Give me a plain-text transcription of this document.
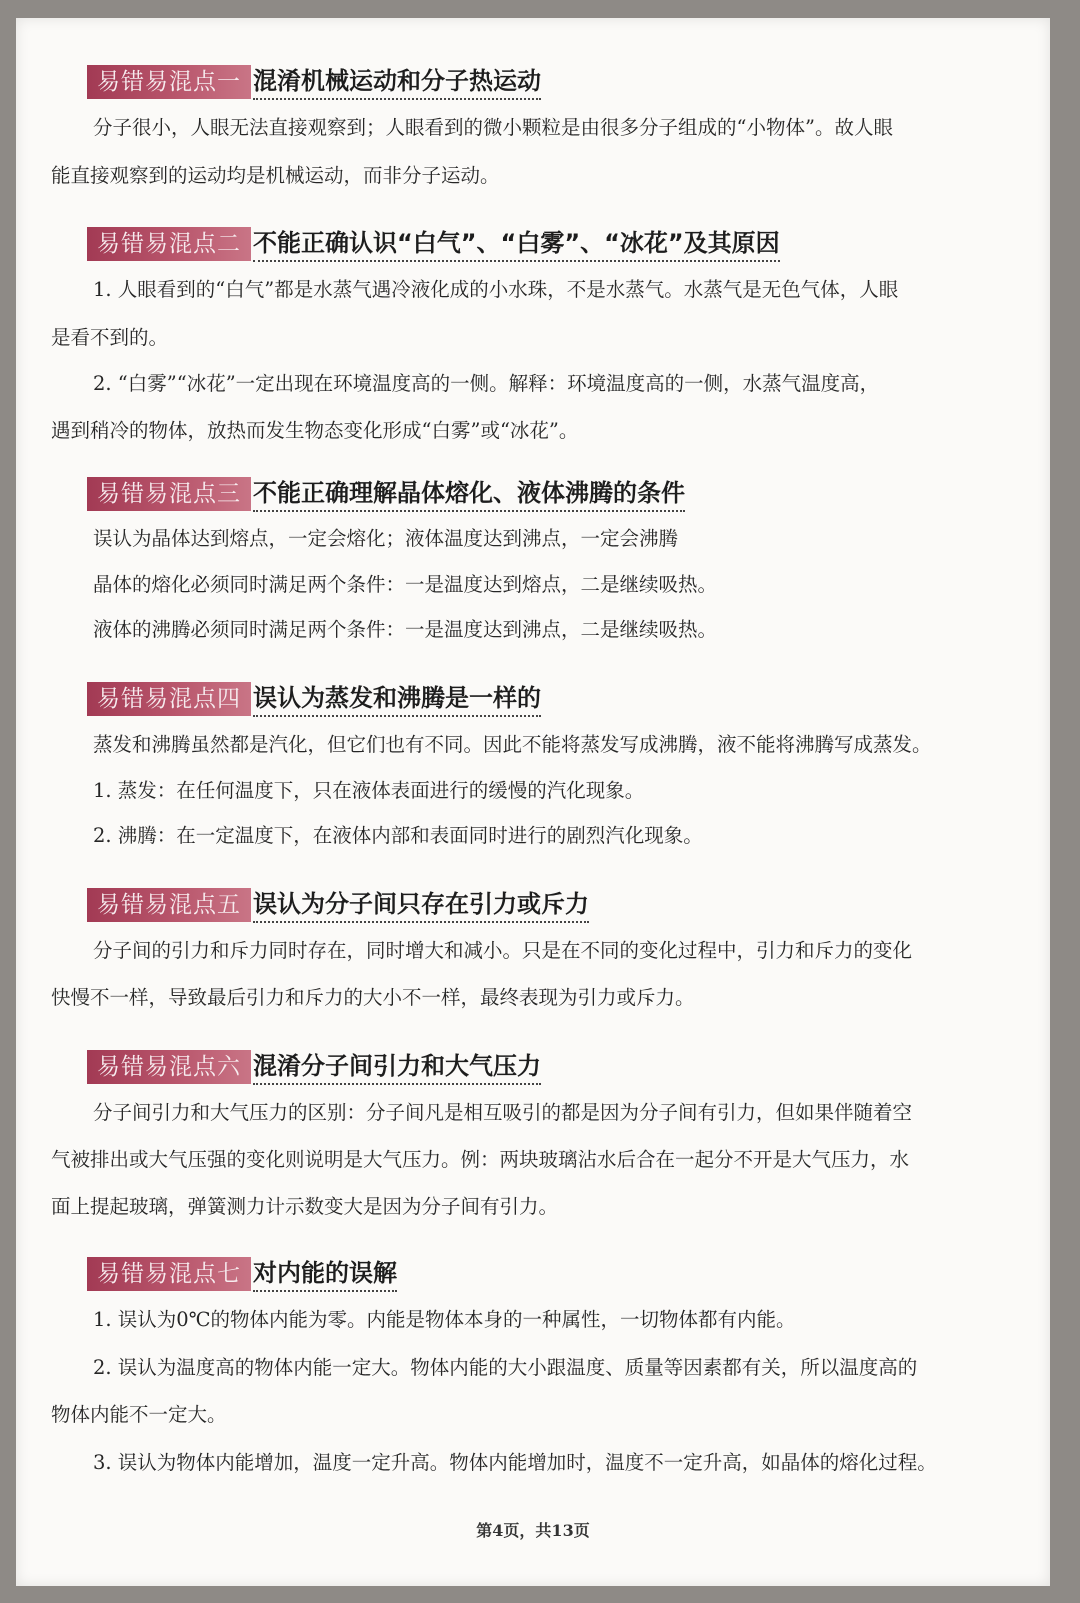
易错易混点一 混淆机械运动和分子热运动
分子很小，人眼无法直接观察到；人眼看到的微小颗粒是由很多分子组成的“小物体”。故人眼
能直接观察到的运动均是机械运动，而非分子运动。
易错易混点二 不能正确认识“白气”、“白雾”、“冰花”及其原因
1. 人眼看到的“白气”都是水蒸气遇冷液化成的小水珠，不是水蒸气。水蒸气是无色气体，人眼
是看不到的。
2. “白雾”“冰花”一定出现在环境温度高的一侧。解释：环境温度高的一侧，水蒸气温度高，
遇到稍冷的物体，放热而发生物态变化形成“白雾”或“冰花”。
易错易混点三 不能正确理解晶体熔化、液体沸腾的条件
误认为晶体达到熔点，一定会熔化；液体温度达到沸点，一定会沸腾
晶体的熔化必须同时满足两个条件：一是温度达到熔点，二是继续吸热。
液体的沸腾必须同时满足两个条件：一是温度达到沸点，二是继续吸热。
易错易混点四 误认为蒸发和沸腾是一样的
蒸发和沸腾虽然都是汽化，但它们也有不同。因此不能将蒸发写成沸腾，液不能将沸腾写成蒸发。
1. 蒸发：在任何温度下，只在液体表面进行的缓慢的汽化现象。
2. 沸腾：在一定温度下，在液体内部和表面同时进行的剧烈汽化现象。
易错易混点五 误认为分子间只存在引力或斥力
分子间的引力和斥力同时存在，同时增大和减小。只是在不同的变化过程中，引力和斥力的变化
快慢不一样，导致最后引力和斥力的大小不一样，最终表现为引力或斥力。
易错易混点六 混淆分子间引力和大气压力
分子间引力和大气压力的区别：分子间凡是相互吸引的都是因为分子间有引力，但如果伴随着空
气被排出或大气压强的变化则说明是大气压力。例：两块玻璃沾水后合在一起分不开是大气压力，水
面上提起玻璃，弹簧测力计示数变大是因为分子间有引力。
易错易混点七 对内能的误解
1. 误认为0℃的物体内能为零。内能是物体本身的一种属性，一切物体都有内能。
2. 误认为温度高的物体内能一定大。物体内能的大小跟温度、质量等因素都有关，所以温度高的
物体内能不一定大。
3. 误认为物体内能增加，温度一定升高。物体内能增加时，温度不一定升高，如晶体的熔化过程。
第4页，共13页
